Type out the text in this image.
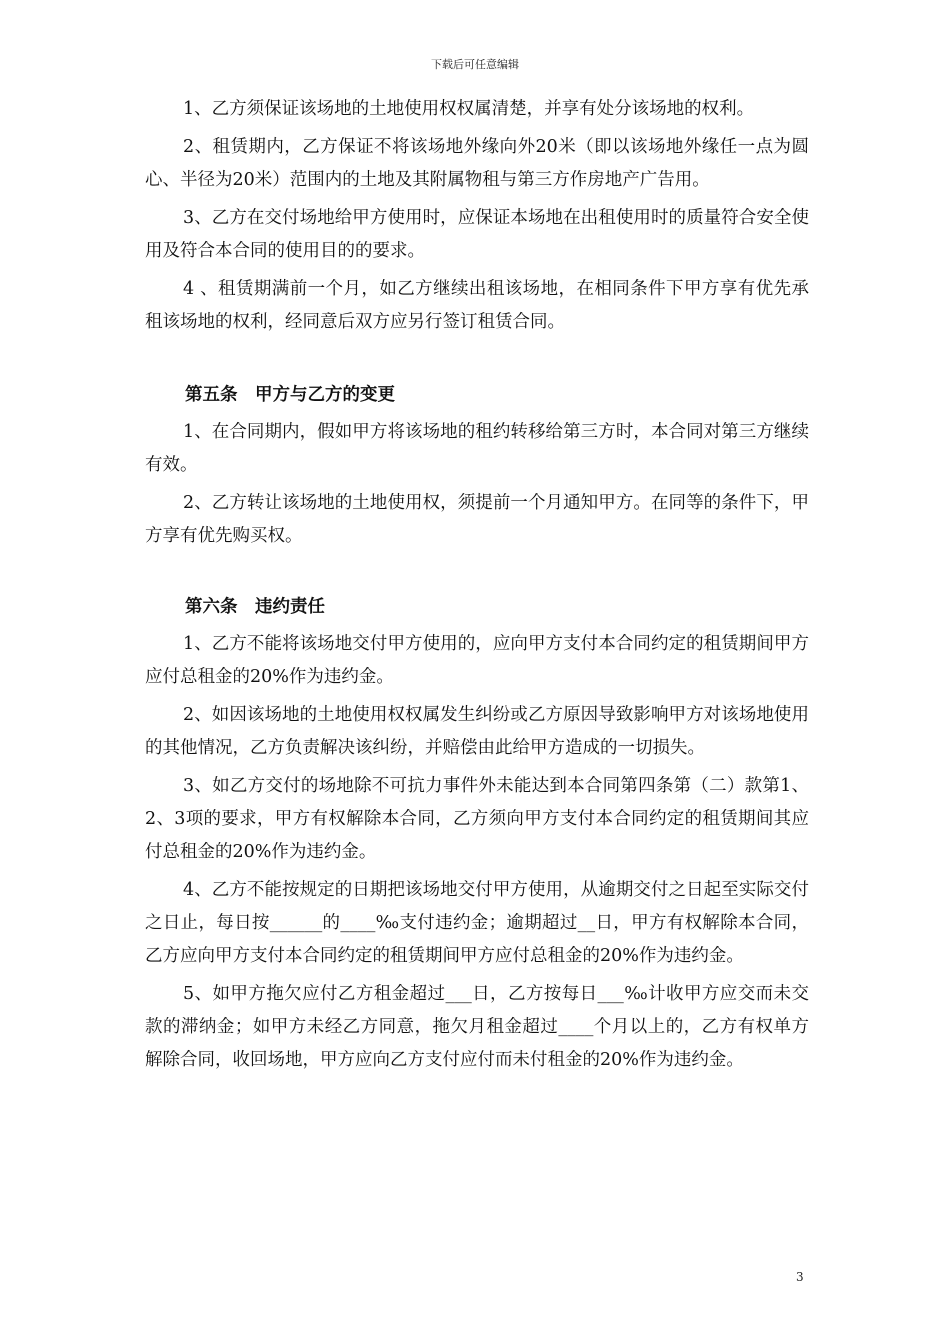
下载后可任意编辑

1、乙方须保证该场地的土地使用权权属清楚，并享有处分该场地的权利。

2、租赁期内，乙方保证不将该场地外缘向外20米（即以该场地外缘任一点为圆心、半径为20米）范围内的土地及其附属物租与第三方作房地产广告用。

3、乙方在交付场地给甲方使用时，应保证本场地在出租使用时的质量符合安全使用及符合本合同的使用目的的要求。

4 、租赁期满前一个月，如乙方继续出租该场地，在相同条件下甲方享有优先承租该场地的权利，经同意后双方应另行签订租赁合同。

第五条　甲方与乙方的变更

1、在合同期内，假如甲方将该场地的租约转移给第三方时，本合同对第三方继续有效。

2、乙方转让该场地的土地使用权，须提前一个月通知甲方。在同等的条件下，甲方享有优先购买权。

第六条　违约责任

1、乙方不能将该场地交付甲方使用的，应向甲方支付本合同约定的租赁期间甲方应付总租金的20%作为违约金。

2、如因该场地的土地使用权权属发生纠纷或乙方原因导致影响甲方对该场地使用的其他情况，乙方负责解决该纠纷，并赔偿由此给甲方造成的一切损失。

3、如乙方交付的场地除不可抗力事件外未能达到本合同第四条第（二）款第1、2、3项的要求，甲方有权解除本合同，乙方须向甲方支付本合同约定的租赁期间其应付总租金的20%作为违约金。

4、乙方不能按规定的日期把该场地交付甲方使用，从逾期交付之日起至实际交付之日止，每日按______的____‰支付违约金；逾期超过__日，甲方有权解除本合同，乙方应向甲方支付本合同约定的租赁期间甲方应付总租金的20%作为违约金。

5、如甲方拖欠应付乙方租金超过___日，乙方按每日___‰计收甲方应交而未交款的滞纳金；如甲方未经乙方同意，拖欠月租金超过____个月以上的，乙方有权单方解除合同，收回场地，甲方应向乙方支付应付而未付租金的20%作为违约金。

3
